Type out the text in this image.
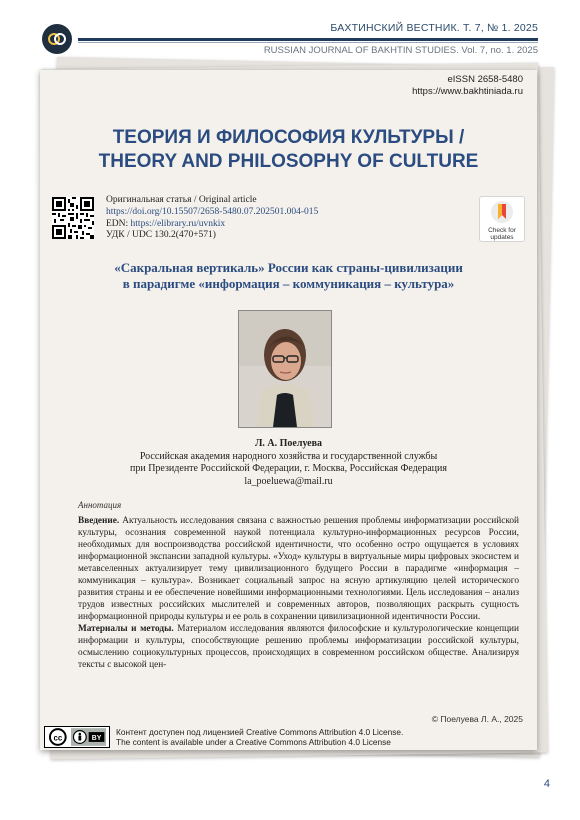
БАХТИНСКИЙ ВЕСТНИК. Т. 7, № 1. 2025
RUSSIAN JOURNAL OF BAKHTIN STUDIES. Vol. 7, no. 1. 2025
eISSN 2658-5480
https://www.bakhtiniada.ru
ТЕОРИЯ И ФИЛОСОФИЯ КУЛЬТУРЫ /
THEORY AND PHILOSOPHY OF CULTURE
Оригинальная статья / Original article
https://doi.org/10.15507/2658-5480.07.202501.004-015
EDN: https://elibrary.ru/uvnkix
УДК / UDC 130.2(470+571)
Check for
updates
«Сакральная вертикаль» России как страны-цивилизации
в парадигме «информация – коммуникация – культура»
Л. А. Поелуева
Российская академия народного хозяйства и государственной службы
при Президенте Российской Федерации, г. Москва, Российская Федерация
la_poeluewa@mail.ru
Аннотация

Введение. Актуальность исследования связана с важностью решения проблемы информатизации российской культуры, осознания современной наукой потенциала культурно-информационных ресурсов России, необходимых для воспроизводства российской идентичности, что особенно остро ощущается в условиях информационной экспансии западной культуры. «Уход» культуры в виртуальные миры цифровых экосистем и метавселенных актуализирует тему цивилизационного будущего России в парадигме «информация – коммуникация – культура». Возникает социальный запрос на ясную артикуляцию целей исторического развития страны и ее обеспечение новейшими информационными технологиями. Цель исследования – анализ трудов известных российских мыслителей и современных авторов, позволяющих раскрыть сущность информационной природы культуры и ее роль в сохранении цивилизационной идентичности России.

Материалы и методы. Материалом исследования являются философские и культурологические концепции информации и культуры, способствующие решению проблемы информатизации российской культуры, осмыслению социокультурных процессов, происходящих в современном российском обществе. Анализируя тексты с высокой цен-

© Поелуева Л. А., 2025
cc	BY
Контент доступен под лицензией Creative Commons Attribution 4.0 License.
The content is available under a Creative Commons Attribution 4.0 License
4
